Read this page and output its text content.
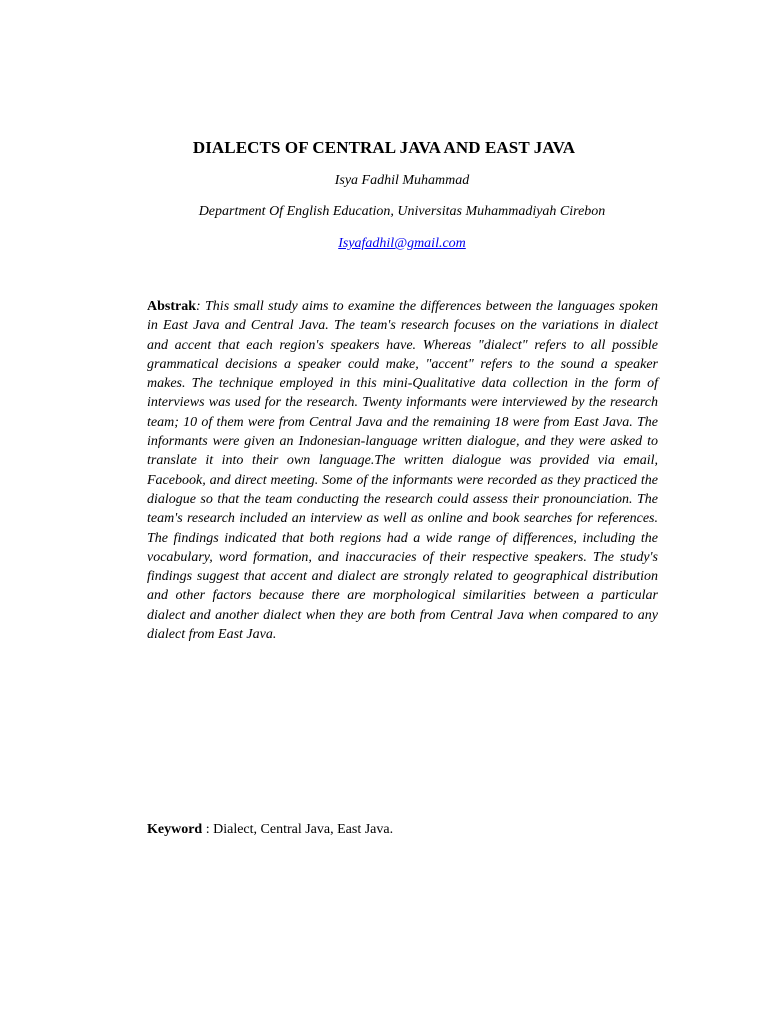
DIALECTS OF CENTRAL JAVA AND EAST JAVA
Isya Fadhil Muhammad
Department Of English Education, Universitas Muhammadiyah Cirebon
Isyafadhil@gmail.com
Abstrak: This small study aims to examine the differences between the languages spoken in East Java and Central Java. The team's research focuses on the variations in dialect and accent that each region's speakers have. Whereas "dialect" refers to all possible grammatical decisions a speaker could make, "accent" refers to the sound a speaker makes. The technique employed in this mini-Qualitative data collection in the form of interviews was used for the research. Twenty informants were interviewed by the research team; 10 of them were from Central Java and the remaining 18 were from East Java. The informants were given an Indonesian-language written dialogue, and they were asked to translate it into their own language.The written dialogue was provided via email, Facebook, and direct meeting. Some of the informants were recorded as they practiced the dialogue so that the team conducting the research could assess their pronounciation. The team's research included an interview as well as online and book searches for references. The findings indicated that both regions had a wide range of differences, including the vocabulary, word formation, and inaccuracies of their respective speakers. The study's findings suggest that accent and dialect are strongly related to geographical distribution and other factors because there are morphological similarities between a particular dialect and another dialect when they are both from Central Java when compared to any dialect from East Java.
Keyword : Dialect, Central Java, East Java.
